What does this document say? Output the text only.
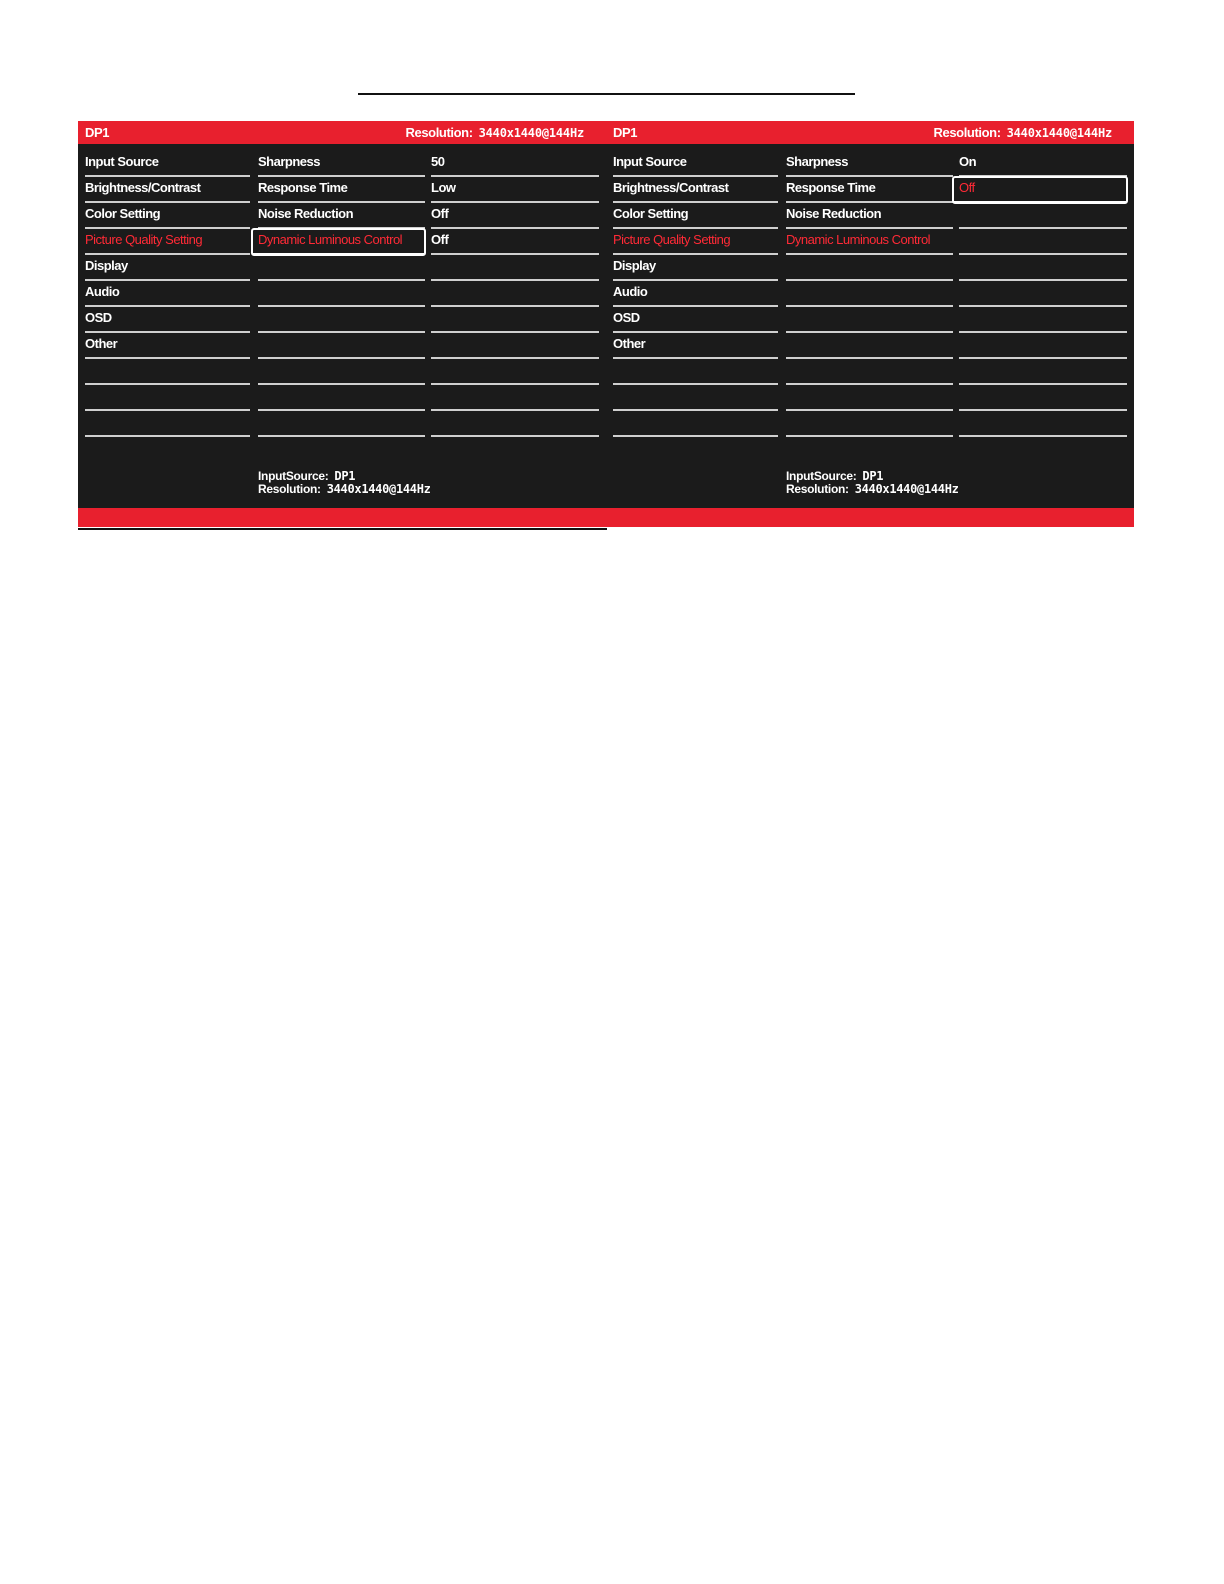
DP1	Resolution: 3440x1440@144Hz
Input Source
Brightness/Contrast
Color Setting
Picture Quality Setting
Display
Audio
OSD
Other
Sharpness
Response Time
Noise Reduction
Dynamic Luminous Control
50
Low
Off
Off
InputSource: DP1
Resolution: 3440x1440@144Hz
DP1	Resolution: 3440x1440@144Hz
Input Source
Brightness/Contrast
Color Setting
Picture Quality Setting
Display
Audio
OSD
Other
Sharpness
Response Time
Noise Reduction
Dynamic Luminous Control
On
Off
InputSource: DP1
Resolution: 3440x1440@144Hz
